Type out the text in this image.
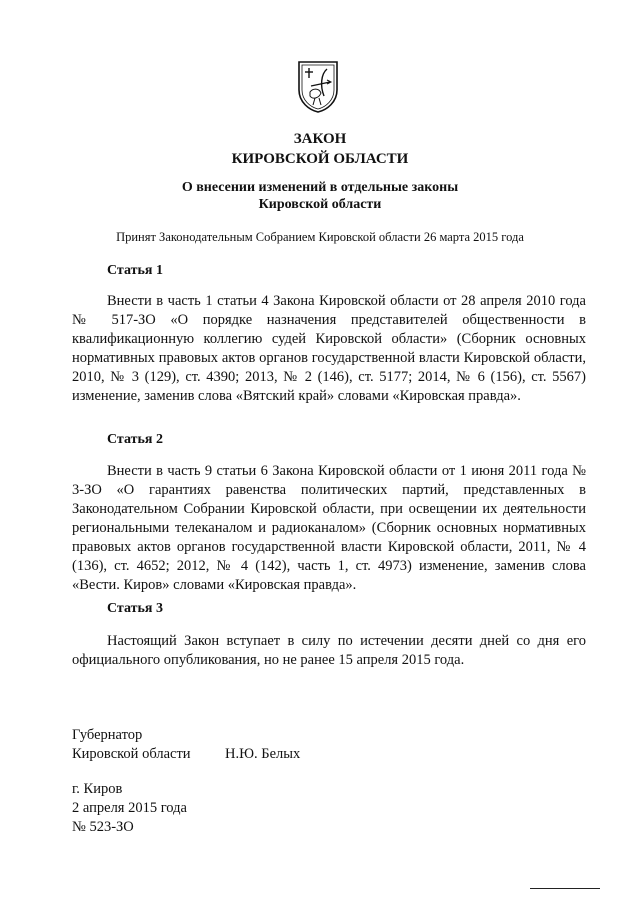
ЗАКОН
КИРОВСКОЙ ОБЛАСТИ
О внесении изменений в отдельные законы
Кировской области
Принят Законодательным Собранием Кировской области 26 марта 2015 года
Статья 1
Внести в часть 1 статьи 4 Закона Кировской области от 28 апреля 2010 года № 517-ЗО «О порядке назначения представителей общественности в квалификационную коллегию судей Кировской области» (Сборник основных нормативных правовых актов органов государственной власти Кировской области, 2010, № 3 (129), ст. 4390; 2013, № 2 (146), ст. 5177; 2014, № 6 (156), ст. 5567) изменение, заменив слова «Вятский край» словами «Кировская правда».
Статья 2
Внести в часть 9 статьи 6 Закона Кировской области от 1 июня 2011 года № 3-ЗО «О гарантиях равенства политических партий, представленных в Законодательном Собрании Кировской области, при освещении их деятельности региональными телеканалом и радиоканалом» (Сборник основных нормативных правовых актов органов государственной власти Кировской области, 2011, № 4 (136), ст. 4652; 2012, № 4 (142), часть 1, ст. 4973) изменение, заменив слова «Вести. Киров» словами «Кировская правда».
Статья 3
Настоящий Закон вступает в силу по истечении десяти дней со дня его официального опубликования, но не ранее 15 апреля 2015 года.
Губернатор
Кировской области Н.Ю. Белых
г. Киров
2 апреля 2015 года
№ 523-ЗО
